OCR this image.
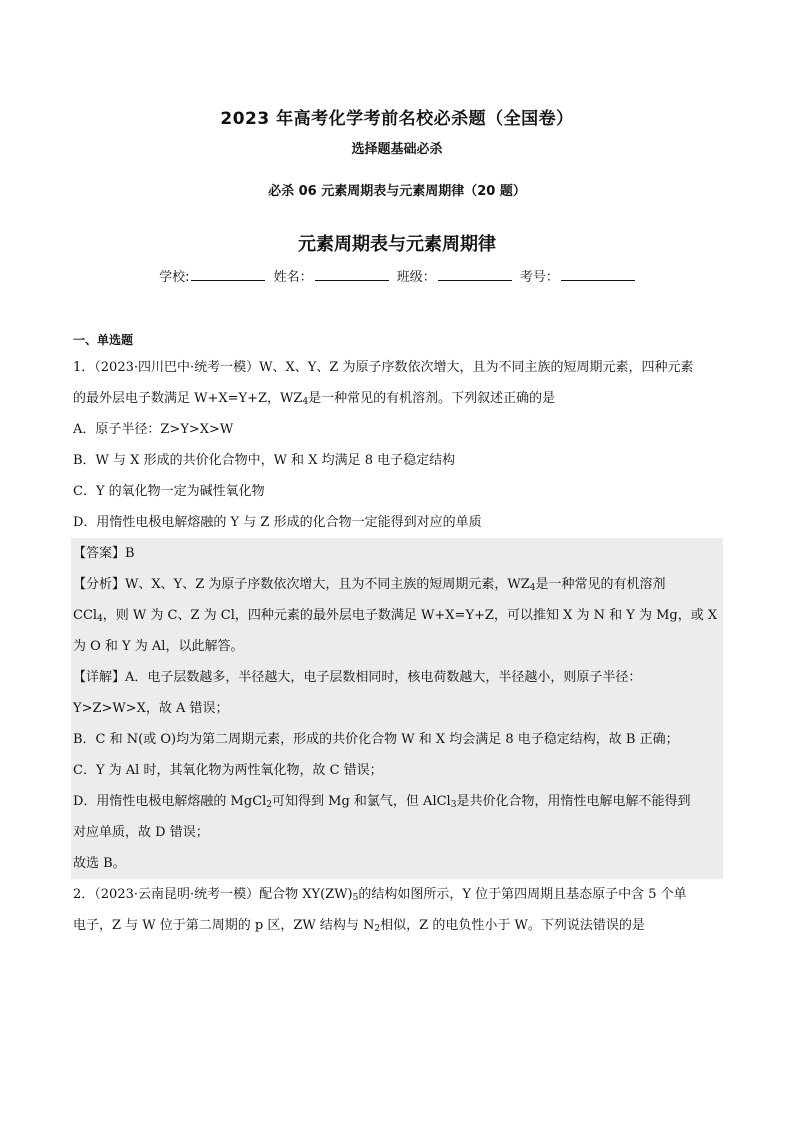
2023 年高考化学考前名校必杀题（全国卷）
选择题基础必杀
必杀 06 元素周期表与元素周期律（20 题）
元素周期表与元素周期律
学校:	姓名：	班级：	考号：
一、单选题
1．（2023·四川巴中·统考一模）W、X、Y、Z 为原子序数依次增大，且为不同主族的短周期元素，四种元素
的最外层电子数满足 W+X=Y+Z，$WZ_4$是一种常见的有机溶剂。下列叙述正确的是
A．原子半径：Z>Y>X>W
B．W 与 X 形成的共价化合物中，W 和 X 均满足 8 电子稳定结构
C．Y 的氧化物一定为碱性氧化物
D．用惰性电极电解熔融的 Y 与 Z 形成的化合物一定能得到对应的单质
【答案】B
【分析】W、X、Y、Z 为原子序数依次增大，且为不同主族的短周期元素，$WZ_4$是一种常见的有机溶剂
CCl$_4$，则 W 为 C、Z 为 Cl，四种元素的最外层电子数满足 W+X=Y+Z，可以推知 X 为 N 和 Y 为 Mg，或 X
为 O 和 Y 为 Al，以此解答。
【详解】A．电子层数越多，半径越大，电子层数相同时，核电荷数越大，半径越小，则原子半径：
Y>Z>W>X，故 A 错误；
B．C 和 N(或 O)均为第二周期元素，形成的共价化合物 W 和 X 均会满足 8 电子稳定结构，故 B 正确；
C．Y 为 Al 时，其氧化物为两性氧化物，故 C 错误；
D．用惰性电极电解熔融的 MgCl$_2$可知得到 Mg 和氯气，但 AlCl$_3$是共价化合物，用惰性电解电解不能得到
对应单质，故 D 错误；
故选 B。
2．（2023·云南昆明·统考一模）配合物 $XY(ZW)_5$的结构如图所示，Y 位于第四周期且基态原子中含 5 个单
电子，Z 与 W 位于第二周期的 p 区，ZW 结构与 $N_2$相似，Z 的电负性小于 W。下列说法错误的是
